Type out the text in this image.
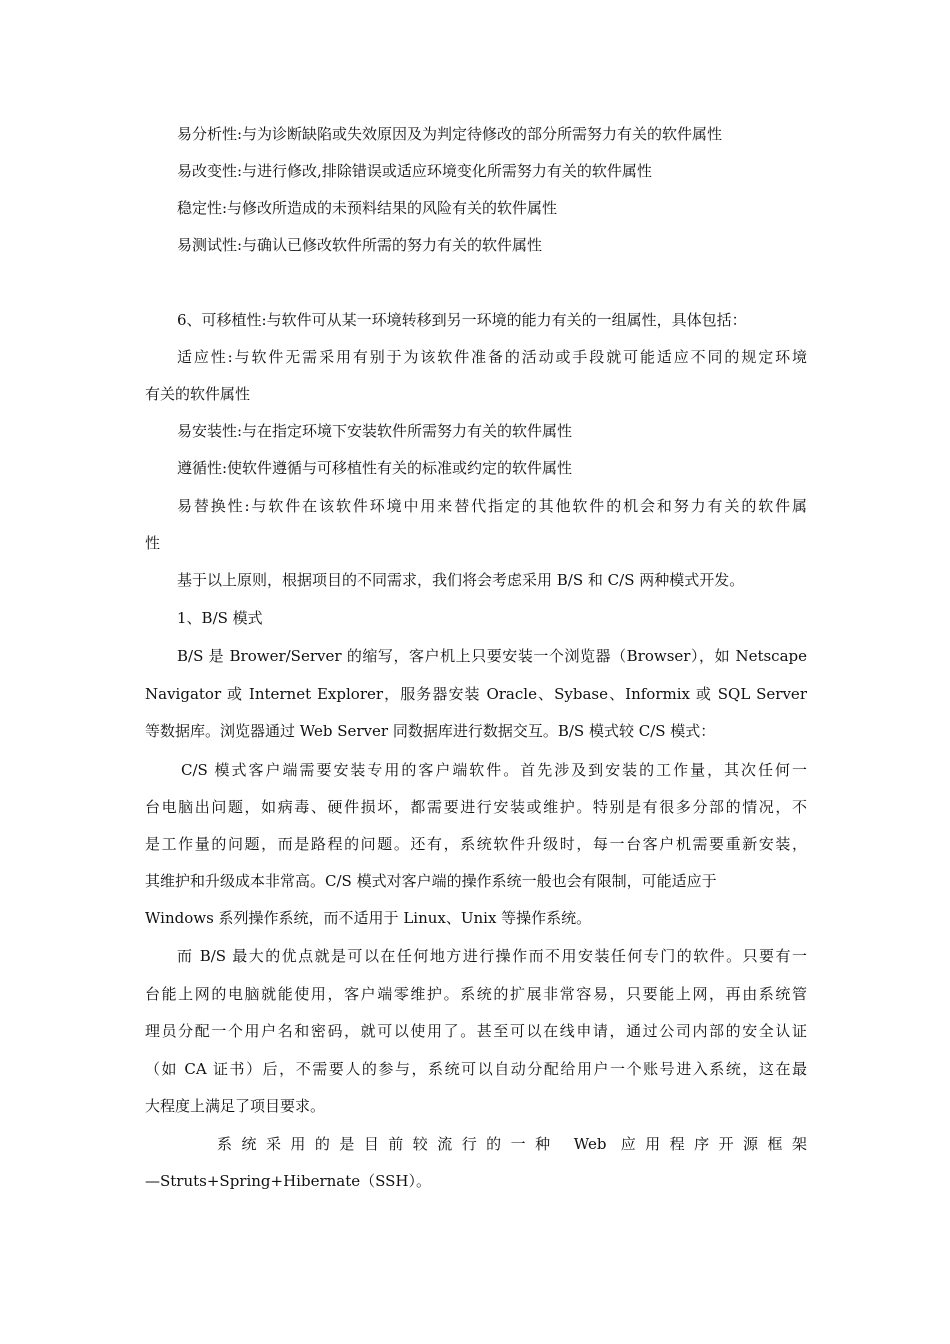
易分析性:与为诊断缺陷或失效原因及为判定待修改的部分所需努力有关的软件属性
易改变性:与进行修改,排除错误或适应环境变化所需努力有关的软件属性
稳定性:与修改所造成的未预料结果的风险有关的软件属性
易测试性:与确认已修改软件所需的努力有关的软件属性
6、可移植性:与软件可从某一环境转移到另一环境的能力有关的一组属性，具体包括：
适应性:与软件无需采用有别于为该软件准备的活动或手段就可能适应不同的规定环境
有关的软件属性
易安装性:与在指定环境下安装软件所需努力有关的软件属性
遵循性:使软件遵循与可移植性有关的标准或约定的软件属性
易替换性:与软件在该软件环境中用来替代指定的其他软件的机会和努力有关的软件属
性
基于以上原则，根据项目的不同需求，我们将会考虑采用 B/S 和 C/S 两种模式开发。
1、B/S 模式
B/S 是 Brower/Server 的缩写，客户机上只要安装一个浏览器（Browser），如 Netscape
Navigator 或 Internet Explorer，服务器安装 Oracle、Sybase、Informix 或 SQL Server
等数据库。浏览器通过 Web Server 同数据库进行数据交互。B/S 模式较 C/S 模式：
C/S 模式客户端需要安装专用的客户端软件。首先涉及到安装的工作量，其次任何一
台电脑出问题，如病毒、硬件损坏，都需要进行安装或维护。特别是有很多分部的情况，不
是工作量的问题，而是路程的问题。还有，系统软件升级时，每一台客户机需要重新安装，
其维护和升级成本非常高。C/S 模式对客户端的操作系统一般也会有限制，可能适应于
Windows 系列操作系统，而不适用于 Linux、Unix 等操作系统。
而 B/S 最大的优点就是可以在任何地方进行操作而不用安装任何专门的软件。只要有一
台能上网的电脑就能使用，客户端零维护。系统的扩展非常容易，只要能上网，再由系统管
理员分配一个用户名和密码，就可以使用了。甚至可以在线申请，通过公司内部的安全认证
（如 CA 证书）后，不需要人的参与，系统可以自动分配给用户一个账号进入系统，这在最
大程度上满足了项目要求。
系统采用的是目前较流行的一种 Web 应用程序开源框架
—Struts+Spring+Hibernate（SSH）。
